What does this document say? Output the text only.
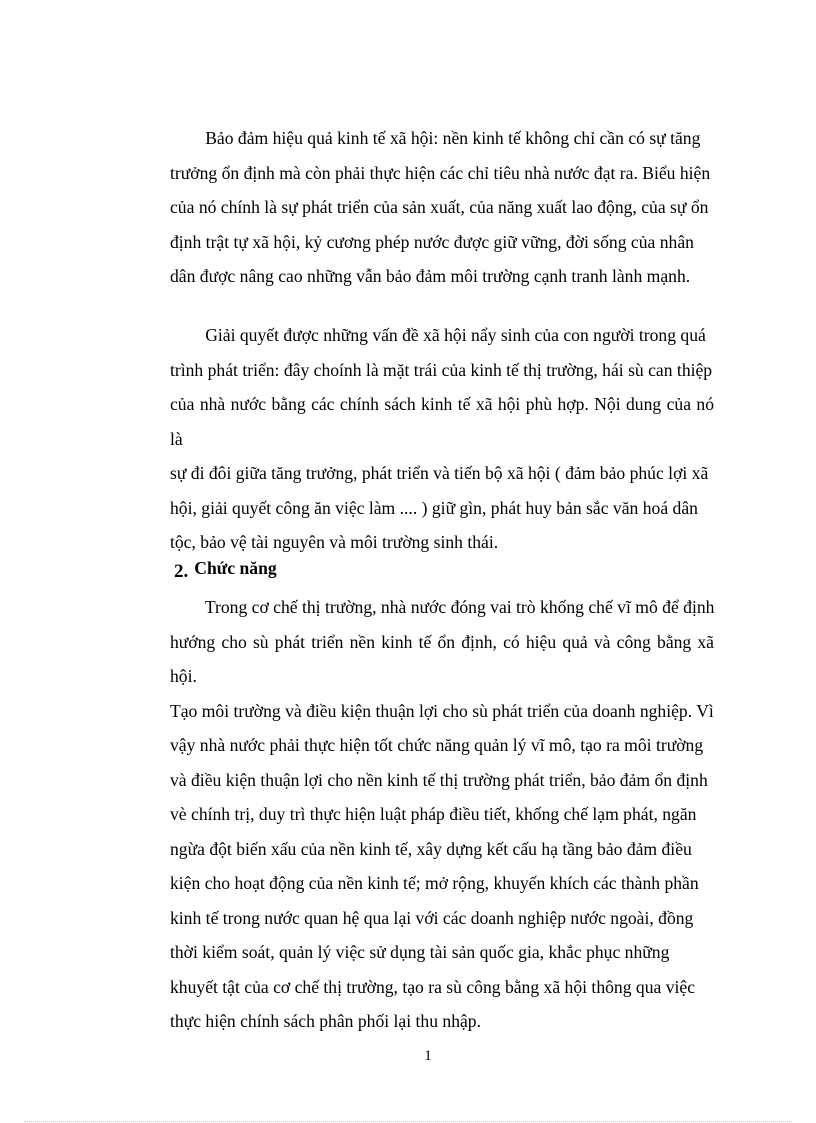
Bảo đảm hiệu quả kinh tế xã hội: nền kinh tế không chỉ cần có sự tăng
trưởng ổn định mà còn phải thực hiện các chỉ tiêu nhà nước đạt ra. Biểu hiện
của nó chính là sự phát triển của sản xuất, của năng xuất lao động, của sự ổn
định trật tự xã hội, kỷ cương phép nước được giữ vững, đời sống của nhân
dân được nâng cao những vẫn bảo đảm môi trường cạnh tranh lành mạnh.

Giải quyết được những vấn đề xã hội nẩy sinh của con người trong quá
trình phát triển: đây choính là mặt trái của kinh tế thị trường, hái sù can thiệp
của nhà nước bằng các chính sách kinh tế xã hội phù hợp. Nội dung của nó là
sự đi đôi giữa tăng trưởng, phát triển và tiến bộ xã hội ( đảm bảo phúc lợi xã
hội, giải quyết công ăn việc làm .... ) giữ gìn, phát huy bản sắc văn hoá dân
tộc, bảo vệ tài nguyên và môi trường sinh thái.

2. Chức năng

Trong cơ chế thị trường, nhà nước đóng vai trò khống chế vĩ mô để định
hướng cho sù phát triển nền kinh tế ổn định, có hiệu quả và công bằng xã hội.
Tạo môi trường và điều kiện thuận lợi cho sù phát triển của doanh nghiệp. Vì
vậy nhà nước phải thực hiện tốt chức năng quản lý vĩ mô, tạo ra môi trường
và điều kiện thuận lợi cho nền kinh tế thị trường phát triển, bảo đảm ổn định
vè chính trị, duy trì thực hiện luật pháp điều tiết, khống chế lạm phát, ngăn
ngừa đột biến xấu của nền kinh tế, xây dựng kết cấu hạ tầng bảo đảm điều
kiện cho hoạt động của nền kinh tế; mở rộng, khuyến khích các thành phần
kinh tế trong nước quan hệ qua lại với các doanh nghiệp nước ngoài, đồng
thời kiểm soát, quản lý việc sử dụng tài sản quốc gia, khắc phục những
khuyết tật của cơ chế thị trường, tạo ra sù công bằng xã hội thông qua việc
thực hiện chính sách phân phối lại thu nhập.

1
